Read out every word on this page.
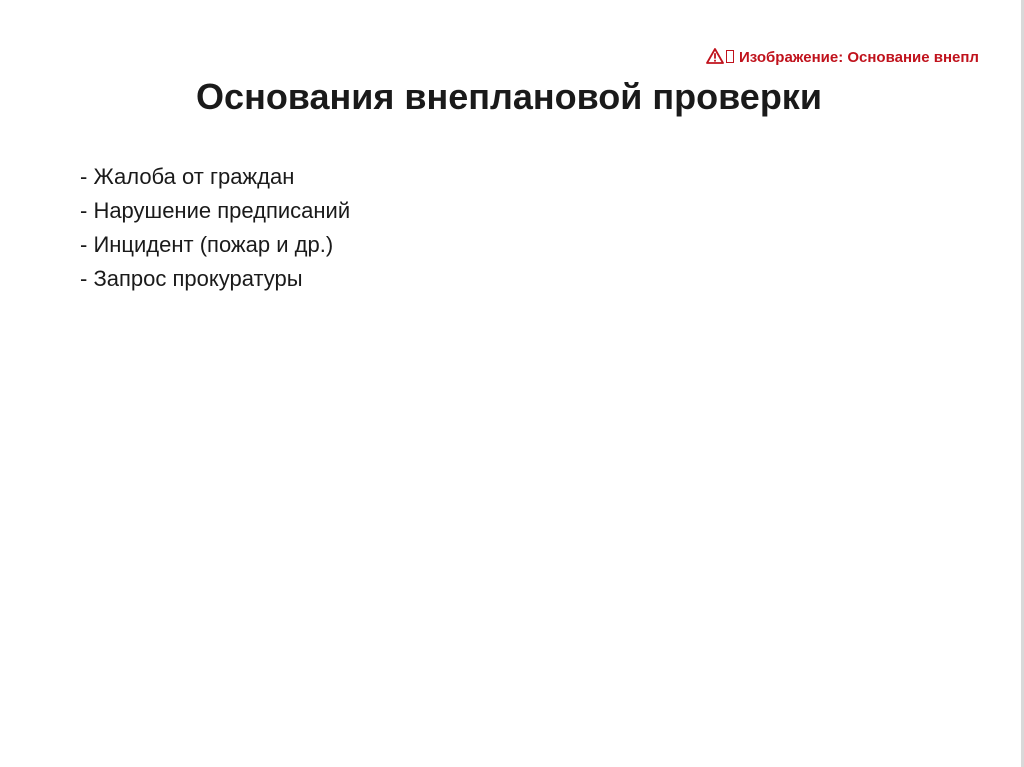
Изображение: Основание внепл
Основания внеплановой проверки
- Жалоба от граждан
- Нарушение предписаний
- Инцидент (пожар и др.)
- Запрос прокуратуры
